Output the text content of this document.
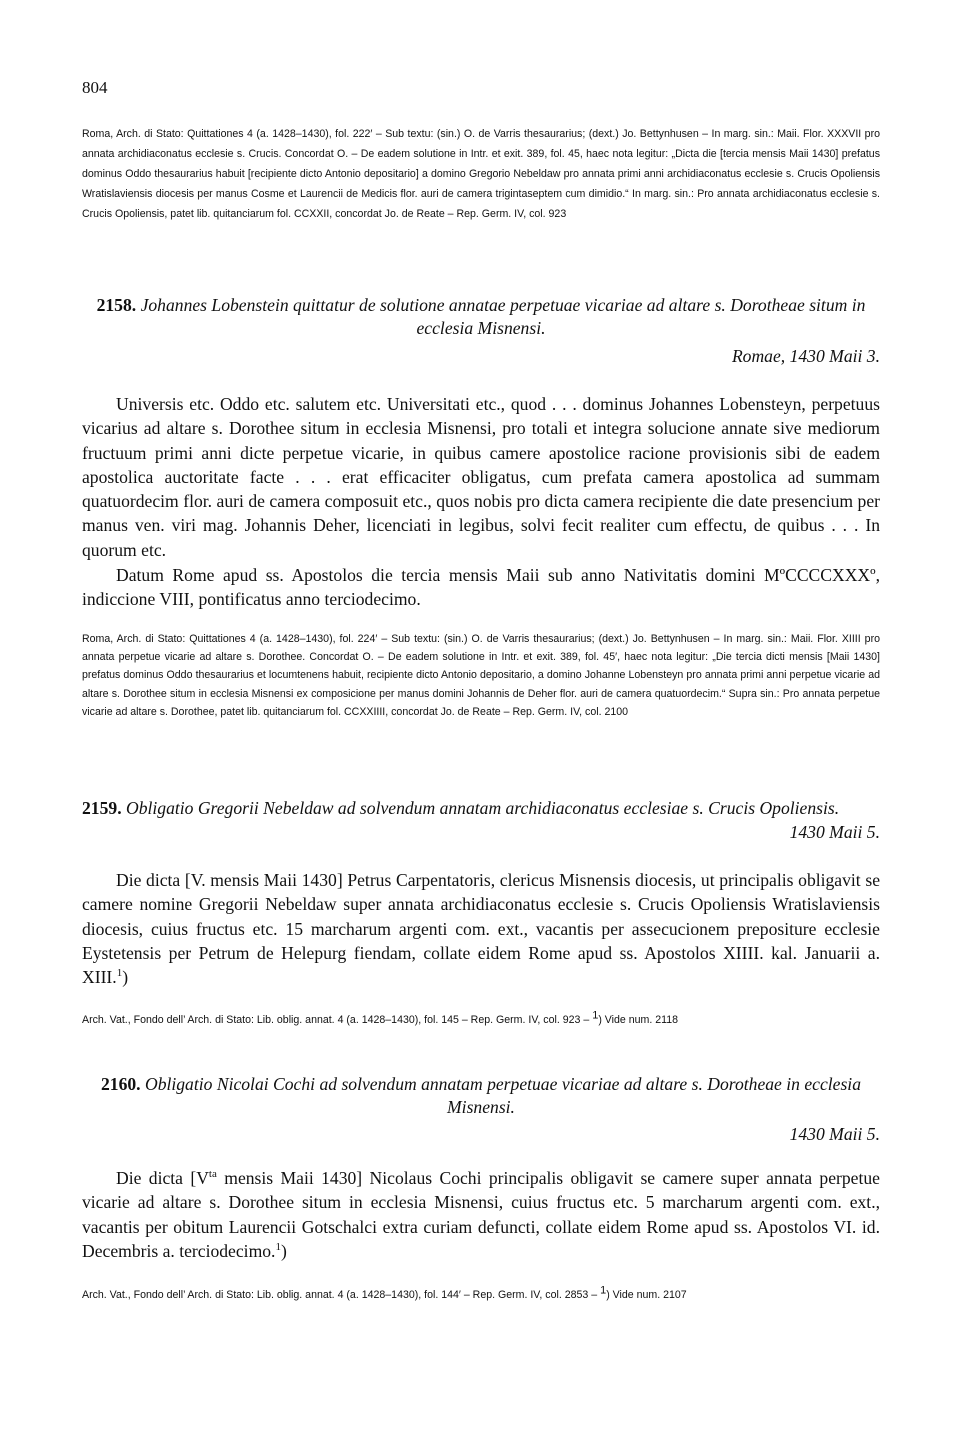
804

Roma, Arch. di Stato: Quittationes 4 (a. 1428–1430), fol. 222′ – Sub textu: (sin.) O. de Varris thesaurarius; (dext.) Jo. Bettynhusen – In marg. sin.: Maii. Flor. XXXVII pro annata archidiaconatus ecclesie s. Crucis. Concordat O. – De eadem solutione in Intr. et exit. 389, fol. 45, haec nota legitur: „Dicta die [tercia mensis Maii 1430] prefatus dominus Oddo thesaurarius habuit [recipiente dicto Antonio depositario] a domino Gregorio Nebeldaw pro annata primi anni archidiaconatus ecclesie s. Crucis Opoliensis Wratislaviensis diocesis per manus Cosme et Laurencii de Medicis flor. auri de camera trigintaseptem cum dimidio.“ In marg. sin.: Pro annata archidiaconatus ecclesie s. Crucis Opoliensis, patet lib. quitanciarum fol. CCXXII, concordat Jo. de Reate – Rep. Germ. IV, col. 923

2158. Johannes Lobenstein quittatur de solutione annatae perpetuae vicariae ad altare s. Dorotheae situm in ecclesia Misnensi.

Romae, 1430 Maii 3.

Universis etc. Oddo etc. salutem etc. Universitati etc., quod . . . dominus Johannes Lobensteyn, perpetuus vicarius ad altare s. Dorothee situm in ecclesia Misnensi, pro totali et integra solucione annate sive mediorum fructuum primi anni dicte perpetue vicarie, in quibus camere apostolice racione provisionis sibi de eadem apostolica auctoritate facte . . . erat efficaciter obligatus, cum prefata camera apostolica ad summam quatuordecim flor. auri de camera composuit etc., quos nobis pro dicta camera recipiente die date presencium per manus ven. viri mag. Johannis Deher, licenciati in legibus, solvi fecit realiter cum effectu, de quibus . . . In quorum etc.

Datum Rome apud ss. Apostolos die tercia mensis Maii sub anno Nativitatis domini MºCCCCXXXº, indiccione VIII, pontificatus anno terciodecimo.

Roma, Arch. di Stato: Quittationes 4 (a. 1428–1430), fol. 224′ – Sub textu: (sin.) O. de Varris thesaurarius; (dext.) Jo. Bettynhusen – In marg. sin.: Maii. Flor. XIIII pro annata perpetue vicarie ad altare s. Dorothee. Concordat O. – De eadem solutione in Intr. et exit. 389, fol. 45′, haec nota legitur: „Die tercia dicti mensis [Maii 1430] prefatus dominus Oddo thesaurarius et locumtenens habuit, recipiente dicto Antonio depositario, a domino Johanne Lobensteyn pro annata primi anni perpetue vicarie ad altare s. Dorothee situm in ecclesia Misnensi ex composicione per manus domini Johannis de Deher flor. auri de camera quatuordecim.“ Supra sin.: Pro annata perpetue vicarie ad altare s. Dorothee, patet lib. quitanciarum fol. CCXXIIII, concordat Jo. de Reate – Rep. Germ. IV, col. 2100

2159. Obligatio Gregorii Nebeldaw ad solvendum annatam archidiaconatus ecclesiae s. Crucis Opoliensis.

1430 Maii 5.

Die dicta [V. mensis Maii 1430] Petrus Carpentatoris, clericus Misnensis diocesis, ut principalis obligavit se camere nomine Gregorii Nebeldaw super annata archidiaconatus ecclesie s. Crucis Opoliensis Wratislaviensis diocesis, cuius fructus etc. 15 marcharum argenti com. ext., vacantis per assecucionem prepositure ecclesie Eystetensis per Petrum de Helepurg fiendam, collate eidem Rome apud ss. Apostolos XIIII. kal. Januarii a. XIII.$^1$)

Arch. Vat., Fondo dell’ Arch. di Stato: Lib. oblig. annat. 4 (a. 1428–1430), fol. 145 – Rep. Germ. IV, col. 923 – $^1$) Vide num. 2118

2160. Obligatio Nicolai Cochi ad solvendum annatam perpetuae vicariae ad altare s. Dorotheae in ecclesia Misnensi.

1430 Maii 5.

Die dicta [$V^{ta}$ mensis Maii 1430] Nicolaus Cochi principalis obligavit se camere super annata perpetue vicarie ad altare s. Dorothee situm in ecclesia Misnensi, cuius fructus etc. 5 marcharum argenti com. ext., vacantis per obitum Laurencii Gotschalci extra curiam defuncti, collate eidem Rome apud ss. Apostolos VI. id. Decembris a. terciodecimo.$^1$)

Arch. Vat., Fondo dell’ Arch. di Stato: Lib. oblig. annat. 4 (a. 1428–1430), fol. 144′ – Rep. Germ. IV, col. 2853 – $^1$) Vide num. 2107
